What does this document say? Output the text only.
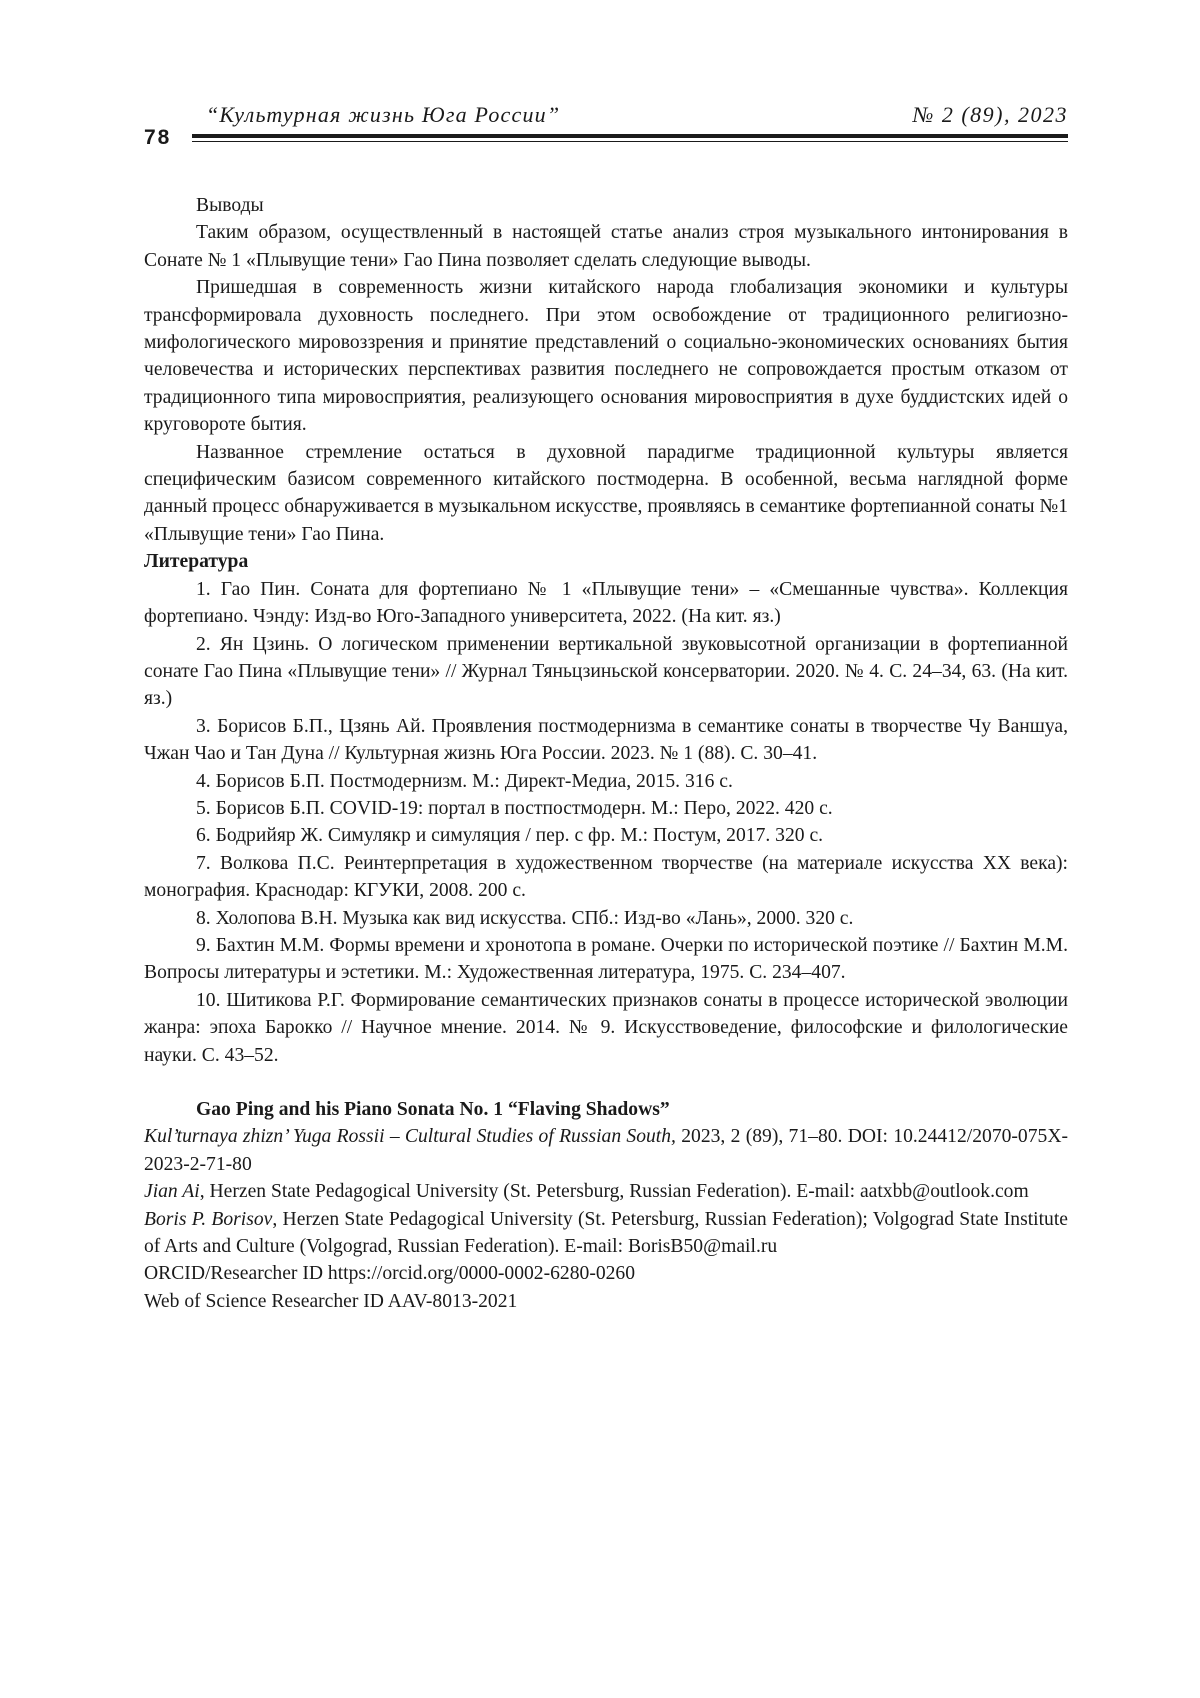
78
“Культурная жизнь Юга России”	№ 2 (89), 2023

Выводы

Таким образом, осуществленный в настоящей статье анализ строя музыкального интонирования в Сонате № 1 «Плывущие тени» Гао Пина позволяет сделать следующие выводы.

Пришедшая в современность жизни китайского народа глобализация экономики и культуры трансформировала духовность последнего. При этом освобождение от традиционного религиозно-мифологического мировоззрения и принятие представлений о социально-экономических основаниях бытия человечества и исторических перспективах развития последнего не сопровождается простым отказом от традиционного типа мировосприятия, реализующего основания мировосприятия в духе буддистских идей о круговороте бытия.

Названное стремление остаться в духовной парадигме традиционной культуры является специфическим базисом современного китайского постмодерна. В особенной, весьма наглядной форме данный процесс обнаруживается в музыкальном искусстве, проявляясь в семантике фортепианной сонаты №1 «Плывущие тени» Гао Пина.

Литература

1. Гао Пин. Соната для фортепиано № 1 «Плывущие тени» – «Смешанные чувства». Коллекция фортепиано. Чэнду: Изд-во Юго-Западного университета, 2022. (На кит. яз.)

2. Ян Цзинь. О логическом применении вертикальной звуковысотной организации в фортепианной сонате Гао Пина «Плывущие тени» // Журнал Тяньцзиньской консерватории. 2020. № 4. С. 24–34, 63. (На кит. яз.)

3. Борисов Б.П., Цзянь Ай. Проявления постмодернизма в семантике сонаты в творчестве Чу Ваншуа, Чжан Чао и Тан Дуна // Культурная жизнь Юга России. 2023. № 1 (88). С. 30–41.

4. Борисов Б.П. Постмодернизм. М.: Директ-Медиа, 2015. 316 с.

5. Борисов Б.П. COVID-19: портал в постпостмодерн. М.: Перо, 2022. 420 с.

6. Бодрийяр Ж. Симулякр и симуляция / пер. с фр. М.: Постум, 2017. 320 с.

7. Волкова П.С. Реинтерпретация в художественном творчестве (на материале искусства XX века): монография. Краснодар: КГУКИ, 2008. 200 с.

8. Холопова В.Н. Музыка как вид искусства. СПб.: Изд-во «Лань», 2000. 320 с.

9. Бахтин М.М. Формы времени и хронотопа в романе. Очерки по исторической поэтике // Бахтин М.М. Вопросы литературы и эстетики. М.: Художественная литература, 1975. С. 234–407.

10. Шитикова Р.Г. Формирование семантических признаков сонаты в процессе исторической эволюции жанра: эпоха Барокко // Научное мнение. 2014. № 9. Искусствоведение, философские и филологические науки. С. 43–52.

Gao Ping and his Piano Sonata No. 1 “Flaving Shadows”

Kul’turnaya zhizn’ Yuga Rossii – Cultural Studies of Russian South, 2023, 2 (89), 71–80. DOI: 10.24412/2070-075X-2023-2-71-80

Jian Ai, Herzen State Pedagogical University (St. Petersburg, Russian Federation). E-mail: aatxbb@outlook.com

Boris P. Borisov, Herzen State Pedagogical University (St. Petersburg, Russian Federation); Volgograd State Institute of Arts and Culture (Volgograd, Russian Federation). E-mail: BorisB50@mail.ru

ORCID/Researcher ID https://orcid.org/0000-0002-6280-0260

Web of Science Researcher ID AAV-8013-2021
